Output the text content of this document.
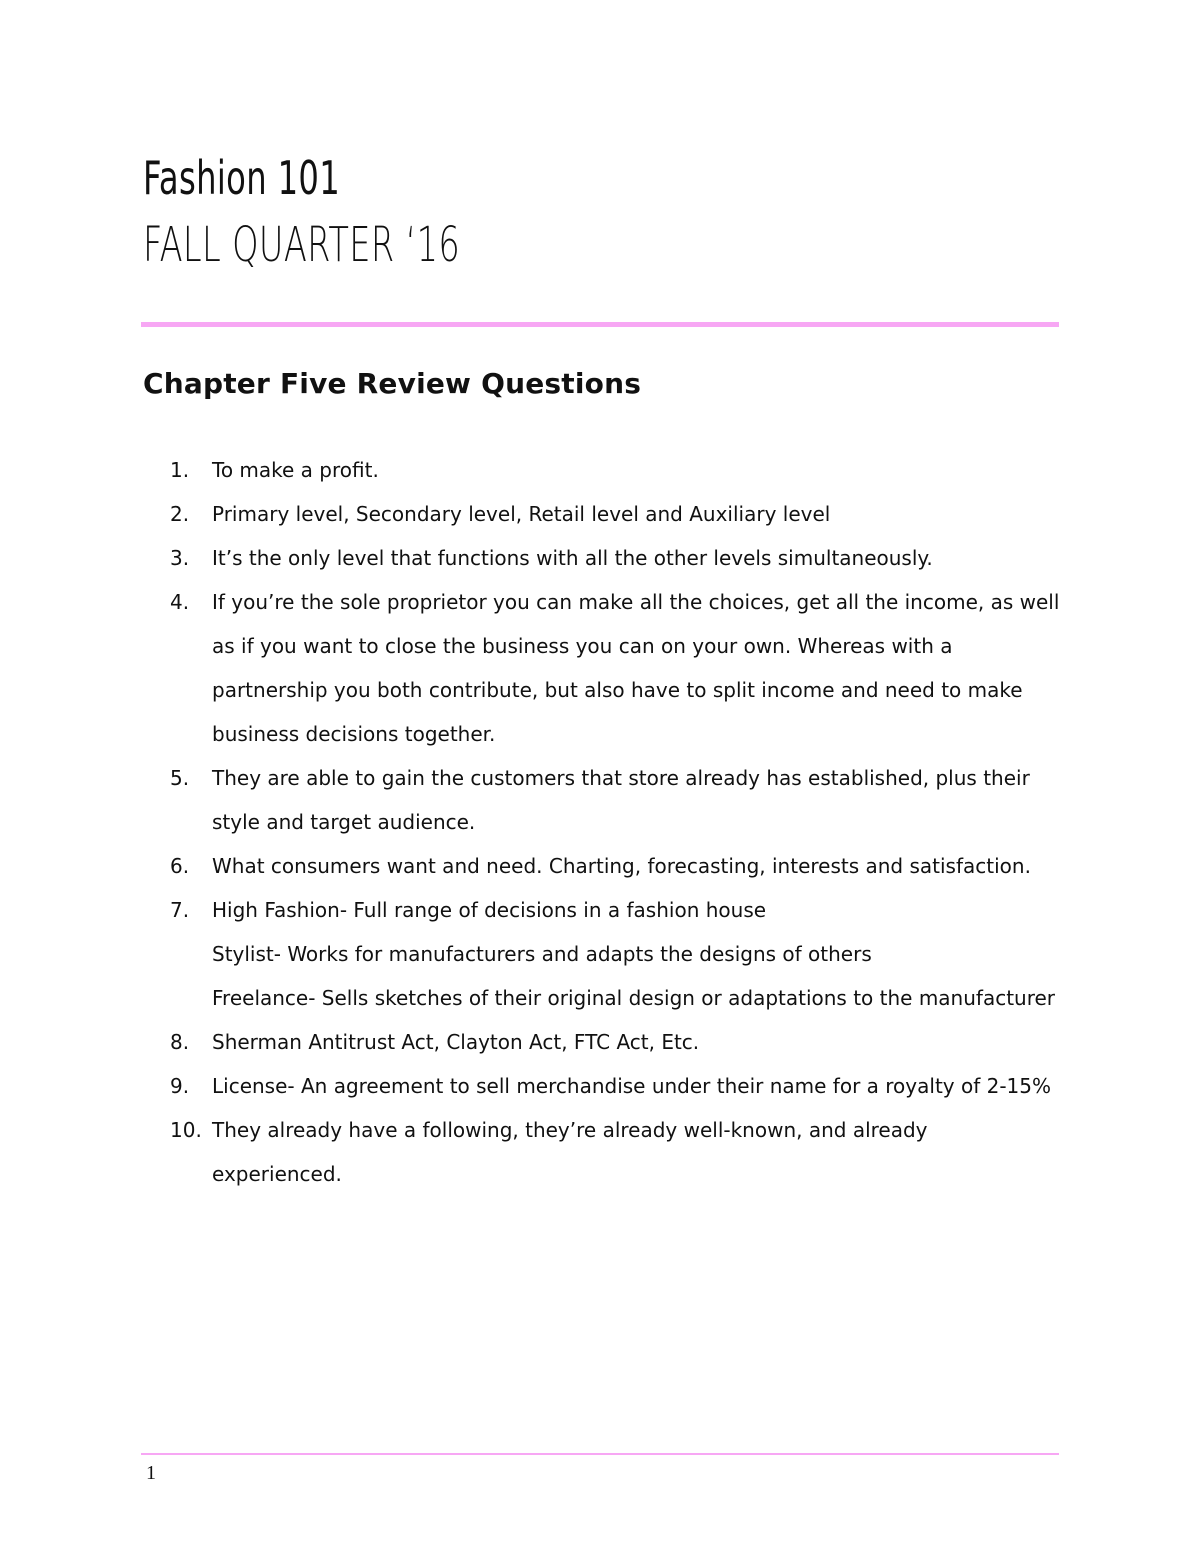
Fashion 101
FALL QUARTER ‘16
Chapter Five Review Questions
1.	To make a profit.
2.	Primary level, Secondary level, Retail level and Auxiliary level
3.	It’s the only level that functions with all the other levels simultaneously.
4.	If you’re the sole proprietor you can make all the choices, get all the income, as well as if you want to close the business you can on your own. Whereas with a partnership you both contribute, but also have to split income and need to make business decisions together.
5.	They are able to gain the customers that store already has established, plus their style and target audience.
6.	What consumers want and need. Charting, forecasting, interests and satisfaction.
7.	High Fashion- Full range of decisions in a fashion house
Stylist- Works for manufacturers and adapts the designs of others
Freelance- Sells sketches of their original design or adaptations to the manufacturer
8.	Sherman Antitrust Act, Clayton Act, FTC Act, Etc.
9.	License- An agreement to sell merchandise under their name for a royalty of 2-15%
10. They already have a following, they’re already well-known, and already experienced.
1
